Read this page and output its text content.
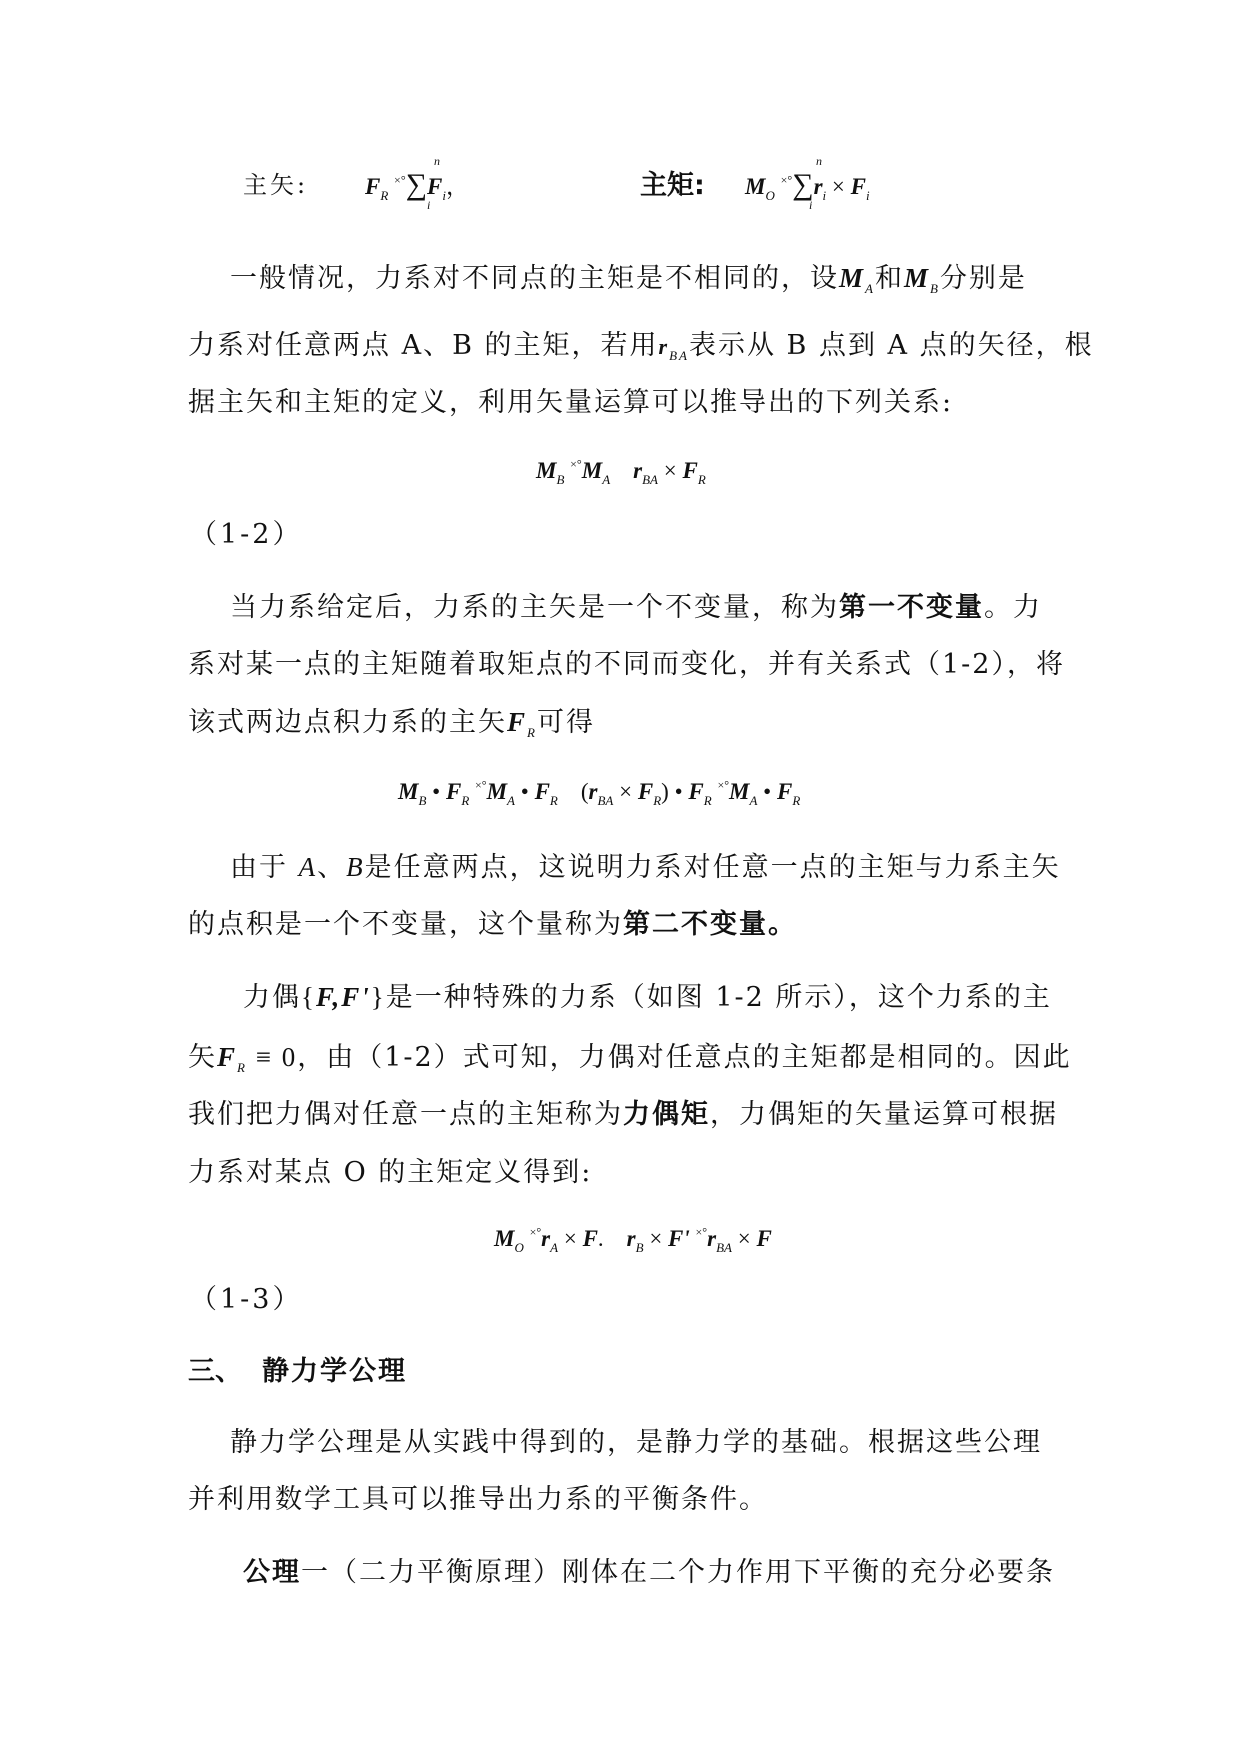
主矢: $F_R$ ×°∑
n
i
$F_i$，	主矩: $M_O$ ×°∑
n
i
$r_i \times F_i$
一般情况，力系对不同点的主矩是不相同的，设$M_A$和$M_B$分别是
力系对任意两点 A、B 的主矩，若用$r_{BA}$表示从 B 点到 A 点的矢径，根
据主矢和主矩的定义，利用矢量运算可以推导出的下列关系:
$M_B$ $^{\times^\circ}M_A$    $r_{BA} \times F_R$
（1-2）
当力系给定后，力系的主矢是一个不变量，称为第一不变量。力
系对某一点的主矩随着取矩点的不同而变化，并有关系式（1-2），将
该式两边点积力系的主矢$F_R$可得
$M_B$ • $F_R$ $^{\times^\circ}M_A$ • $F_R$ $(r_{BA} \times F_R)$ • $F_R$ $^{\times^\circ}M_A$ • $F_R$
由于 A、B是任意两点，这说明力系对任意一点的主矩与力系主矢
的点积是一个不变量，这个量称为第二不变量。
力偶{F,F'}是一种特殊的力系（如图 1-2 所示），这个力系的主
矢$F_R \equiv 0$，由（1-2）式可知，力偶对任意点的主矩都是相同的。因此
我们把力偶对任意一点的主矩称为力偶矩，力偶矩的矢量运算可根据
力系对某点 O 的主矩定义得到:
$M_O$ $^{\times^\circ}r_A \times F$.    $r_B \times F'$ $^{\times^\circ}r_{BA} \times F$
（1-3）
三、 静力学公理
静力学公理是从实践中得到的，是静力学的基础。根据这些公理
并利用数学工具可以推导出力系的平衡条件。
公理一（二力平衡原理）刚体在二个力作用下平衡的充分必要条
